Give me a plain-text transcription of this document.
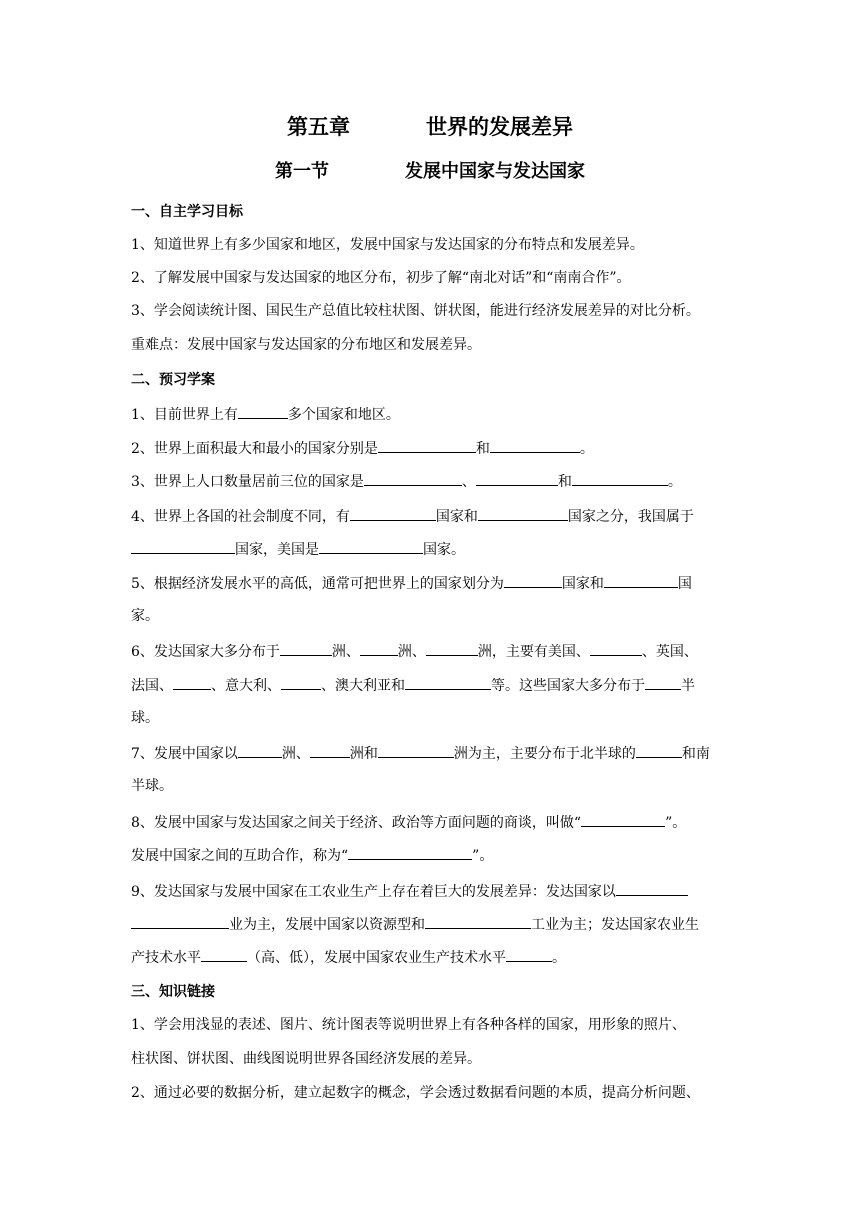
第五章	世界的发展差异
第一节	发展中国家与发达国家
一、自主学习目标
1、知道世界上有多少国家和地区，发展中国家与发达国家的分布特点和发展差异。
2、了解发展中国家与发达国家的地区分布，初步了解“南北对话”和“南南合作”。
3、学会阅读统计图、国民生产总值比较柱状图、饼状图，能进行经济发展差异的对比分析。
重难点：发展中国家与发达国家的分布地区和发展差异。
二、预习学案
1、目前世界上有	多个国家和地区。
2、世界上面积最大和最小的国家分别是	和	。
3、世界上人口数量居前三位的国家是	、	和	。
4、世界上各国的社会制度不同，有	国家和	国家之分，我国属于
国家，美国是	国家。
5、根据经济发展水平的高低，通常可把世界上的国家划分为	国家和	国
家。
6、发达国家大多分布于	洲、	洲、	洲，主要有美国、	、英国、
法国、	、意大利、	、澳大利亚和	等。这些国家大多分布于	半
球。
7、发展中国家以	洲、	洲和	洲为主，主要分布于北半球的	和南
半球。
8、发展中国家与发达国家之间关于经济、政治等方面问题的商谈，叫做“	”。
发展中国家之间的互助合作，称为“	”。
9、发达国家与发展中国家在工农业生产上存在着巨大的发展差异：发达国家以
业为主，发展中国家以资源型和	工业为主；发达国家农业生
产技术水平	（高、低），发展中国家农业生产技术水平	。
三、知识链接
1、学会用浅显的表述、图片、统计图表等说明世界上有各种各样的国家，用形象的照片、
柱状图、饼状图、曲线图说明世界各国经济发展的差异。
2、通过必要的数据分析，建立起数字的概念，学会透过数据看问题的本质，提高分析问题、
